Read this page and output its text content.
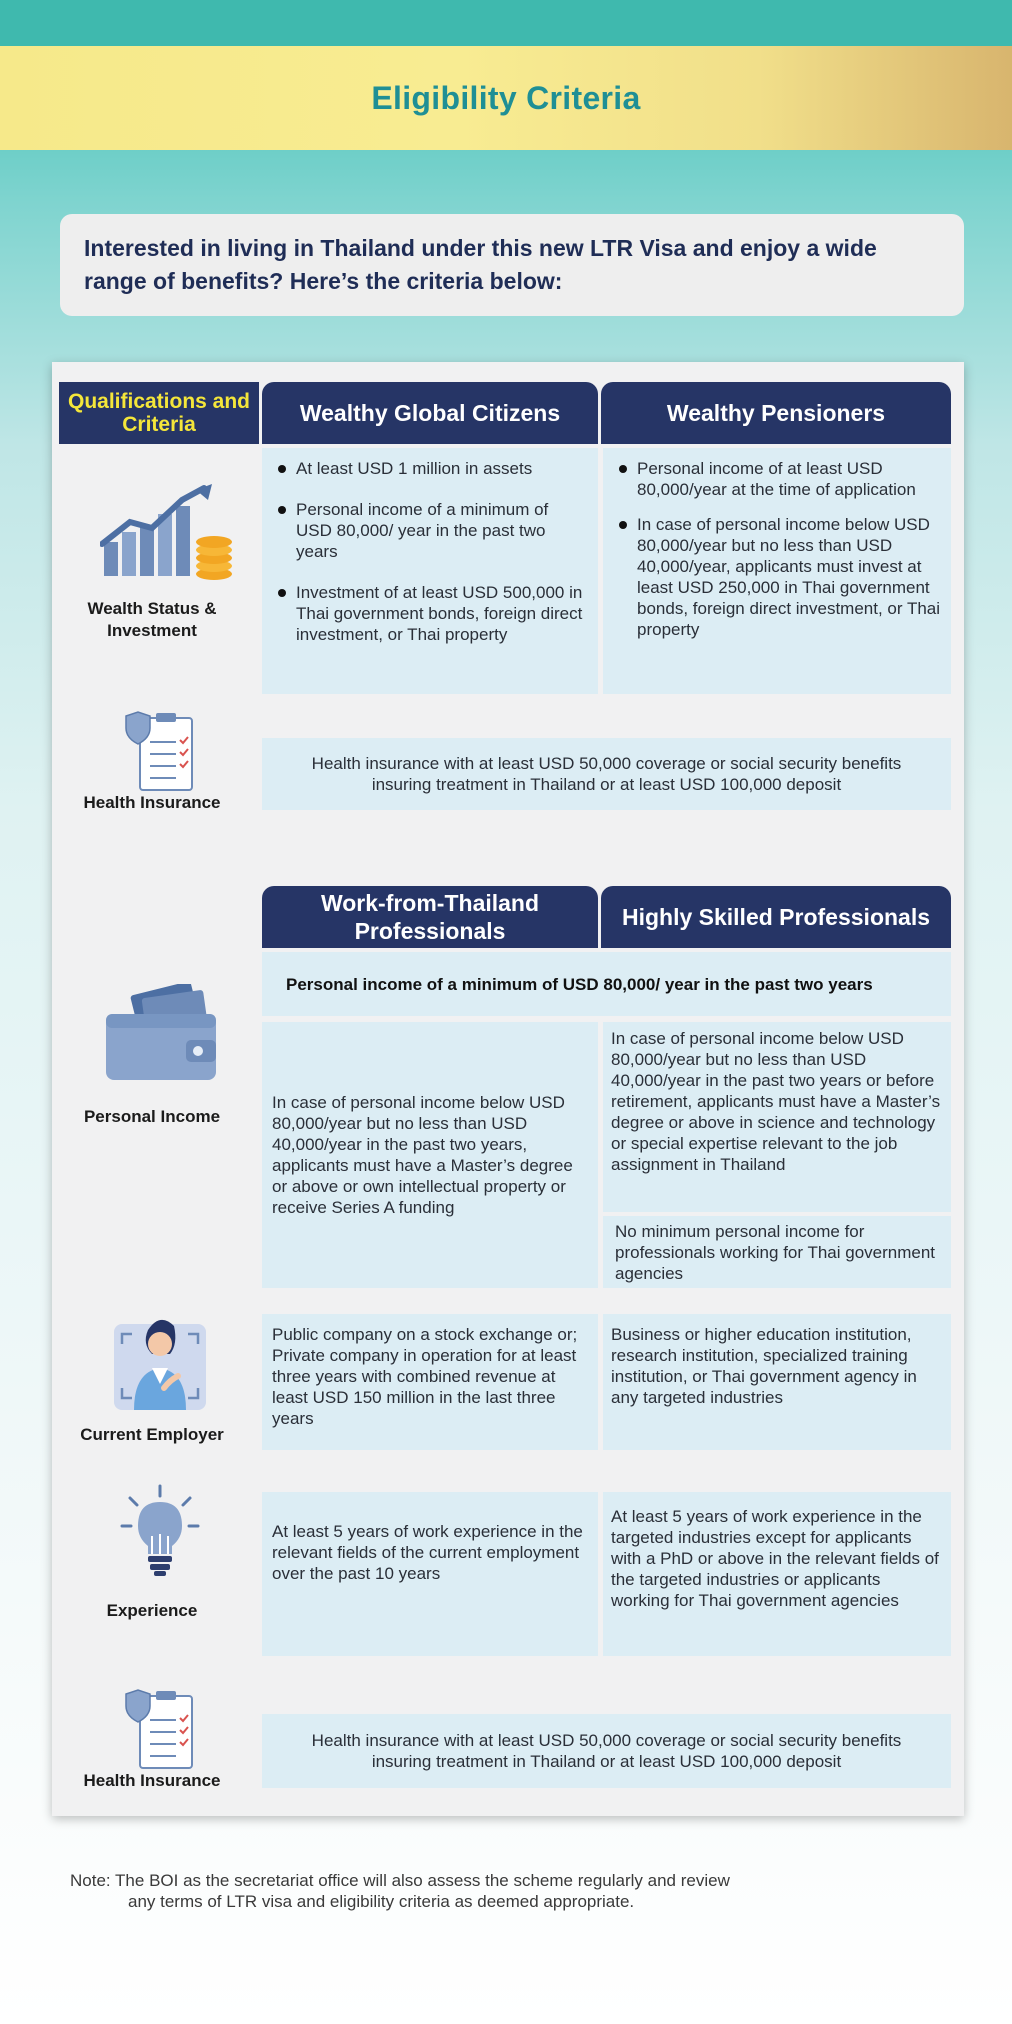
Eligibility Criteria
Interested in living in Thailand under this new LTR Visa and enjoy a wide range of benefits? Here’s the criteria below:
Qualifications and Criteria	Wealthy Global Citizens	Wealthy Pensioners
Wealth Status & Investment
At least USD 1 million in assets
Personal income of a minimum of USD 80,000/ year in the past two years
Investment of at least USD 500,000 in Thai government bonds, foreign direct investment, or Thai property
Personal income of at least USD 80,000/year at the time of application
In case of personal income below USD 80,000/year but no less than USD 40,000/year, applicants must invest at least USD 250,000 in Thai government bonds, foreign direct investment, or Thai property
Health Insurance
Health insurance with at least USD 50,000 coverage or social security benefits insuring treatment in Thailand or at least USD 100,000 deposit
Work-from-Thailand Professionals
Highly Skilled Professionals
Personal income of a minimum of USD 80,000/ year in the past two years
Personal Income
In case of personal income below USD 80,000/year but no less than USD 40,000/year in the past two years, applicants must have a Master’s degree or above or own intellectual property or receive Series A funding
In case of personal income below USD 80,000/year but no less than USD 40,000/year in the past two years or before retirement, applicants must have a Master’s degree or above in science and technology or special expertise relevant to the job assignment in Thailand
No minimum personal income for professionals working for Thai government agencies
Current Employer
Public company on a stock exchange or; Private company in operation for at least three years with combined revenue at least USD 150 million in the last three years
Business or higher education institution, research institution, specialized training institution, or Thai government agency in any targeted industries
Experience
At least 5 years of work experience in the relevant fields of the current employment over the past 10 years
At least 5 years of work experience in the targeted industries except for applicants with a PhD or above in the relevant fields of the targeted industries or applicants working for Thai government agencies
Health Insurance
Health insurance with at least USD 50,000 coverage or social security benefits insuring treatment in Thailand or at least USD 100,000 deposit
Note: The BOI as the secretariat office will also assess the scheme regularly and review
any terms of LTR visa and eligibility criteria as deemed appropriate.
